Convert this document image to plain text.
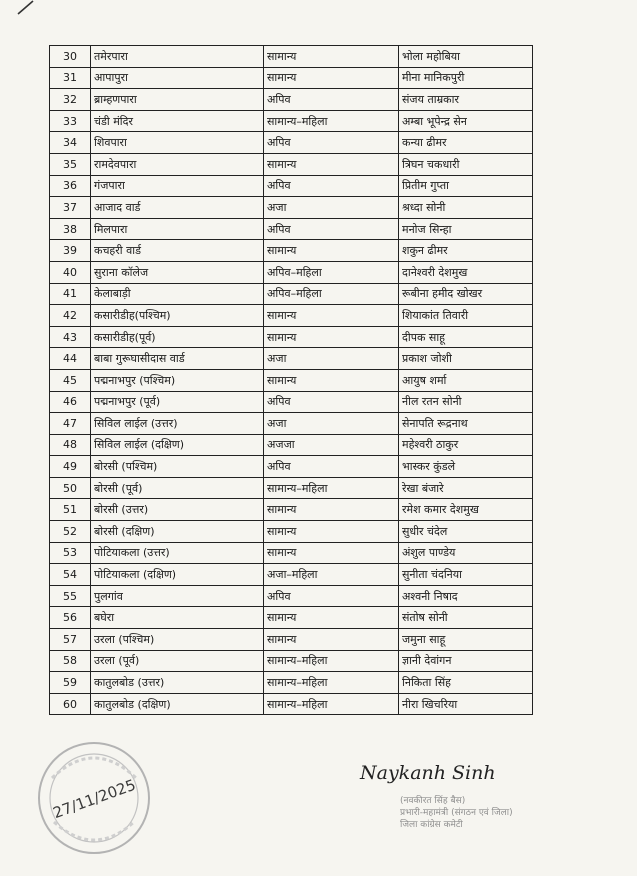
30	तमेरपारा	सामान्य	भोला महोबिया
31	आपापुरा	सामान्य	मीना मानिकपुरी
32	ब्राम्हणपारा	अपिव	संजय ताम्रकार
33	चंडी मंदिर	सामान्य–महिला	अम्बा भूपेन्द्र सेन
34	शिवपारा	अपिव	कन्या ढीमर
35	रामदेवपारा	सामान्य	त्रिघन चकधारी
36	गंजपारा	अपिव	प्रितीम गुप्ता
37	आजाद वार्ड	अजा	श्रध्दा सोनी
38	मिलपारा	अपिव	मनोज सिन्हा
39	कचहरी वार्ड	सामान्य	शकुन ढीमर
40	सुराना कॉलेज	अपिव–महिला	दानेश्वरी देशमुख
41	केलाबाड़ी	अपिव–महिला	रूबीना हमीद खोखर
42	कसारीडीह(पश्चिम)	सामान्य	शियाकांत तिवारी
43	कसारीडीह(पूर्व)	सामान्य	दीपक साहू
44	बाबा गुरूघासीदास वार्ड	अजा	प्रकाश जोशी
45	पद्मनाभपुर (पश्चिम)	सामान्य	आयुष शर्मा
46	पद्मनाभपुर (पूर्व)	अपिव	नील रतन सोनी
47	सिविल लाईल (उत्तर)	अजा	सेनापति रूद्रनाथ
48	सिविल लाईल (दक्षिण)	अजजा	महेश्वरी ठाकुर
49	बोरसी (पश्चिम)	अपिव	भास्कर कुंडले
50	बोरसी (पूर्व)	सामान्य–महिला	रेखा बंजारे
51	बोरसी (उत्तर)	सामान्य	रमेश कमार देशमुख
52	बोरसी (दक्षिण)	सामान्य	सुधीर चंदेल
53	पोटियाकला (उत्तर)	सामान्य	अंशुल पाण्डेय
54	पोटियाकला (दक्षिण)	अजा–महिला	सुनीता चंदनिया
55	पुलगांव	अपिव	अश्वनी निषाद
56	बघेरा	सामान्य	संतोष सोनी
57	उरला (पश्चिम)	सामान्य	जमुना साहू
58	उरला (पूर्व)	सामान्य–महिला	ज्ञानी देवांगन
59	कातुलबोड (उत्तर)	सामान्य–महिला	निकिता सिंह
60	कातुलबोड (दक्षिण)	सामान्य–महिला	नीरा खिचरिया
27/11/2025
Naykanh Sinh
(नवकीरत सिंह बैस)
प्रभारी-महामंत्री (संगठन एवं जिला)
जिला कांग्रेस कमेटी
